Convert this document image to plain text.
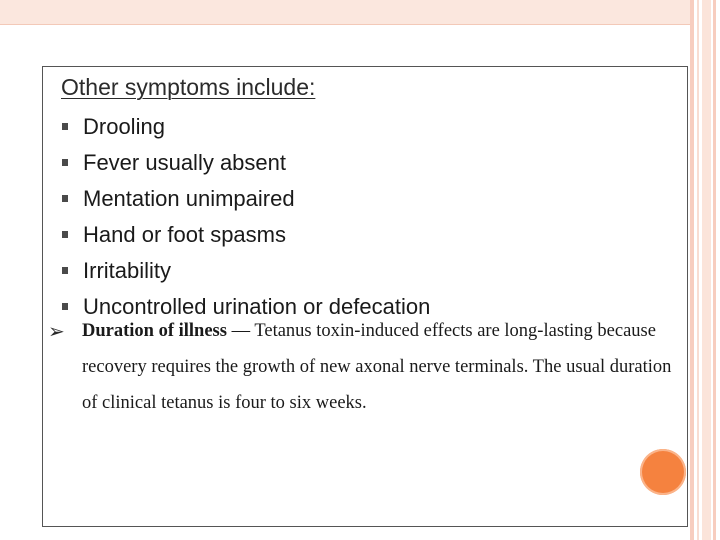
Other symptoms include:
Drooling
Fever usually absent
Mentation unimpaired
Hand or foot spasms
Irritability
Uncontrolled urination or defecation
➢ Duration of illness — Tetanus toxin-induced effects are long-lasting because recovery requires the growth of new axonal nerve terminals. The usual duration of clinical tetanus is four to six weeks.
